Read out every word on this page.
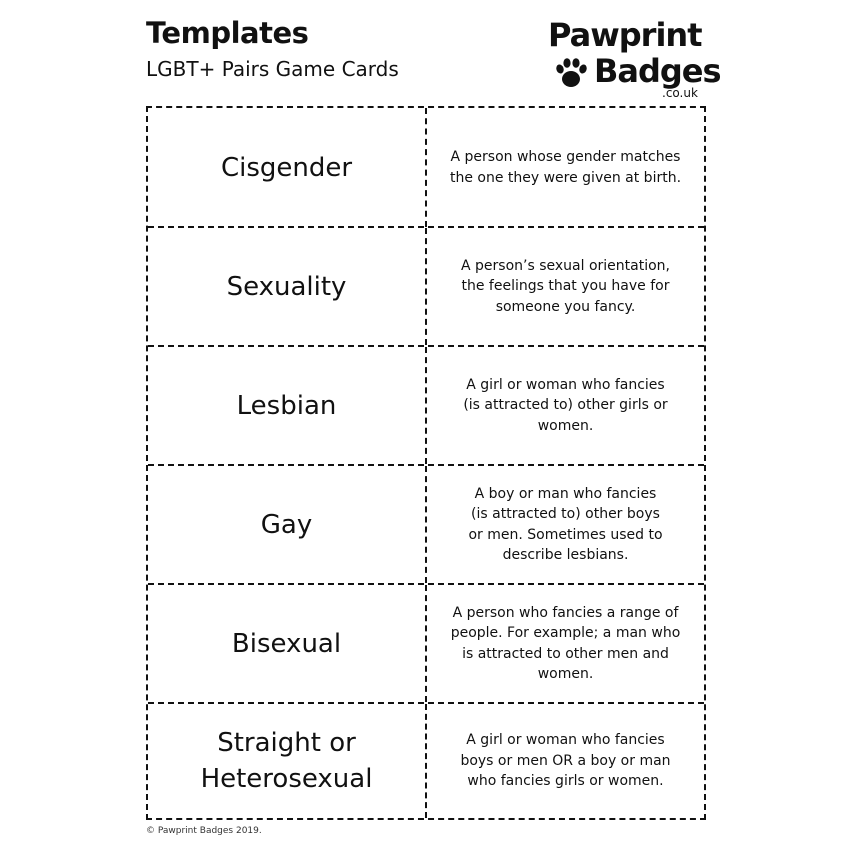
Templates
LGBT+ Pairs Game Cards
Pawprint
Badges
.co.uk
Cisgender	A person whose gender matches
the one they were given at birth.
Sexuality
A person’s sexual orientation,
the feelings that you have for
someone you fancy.
Lesbian
A girl or woman who fancies
(is attracted to) other girls or
women.
Gay
A boy or man who fancies
(is attracted to) other boys
or men. Sometimes used to
describe lesbians.
Bisexual
A person who fancies a range of
people. For example; a man who
is attracted to other men and
women.
Straight or
Heterosexual
A girl or woman who fancies
boys or men OR a boy or man
who fancies girls or women.
© Pawprint Badges 2019.
